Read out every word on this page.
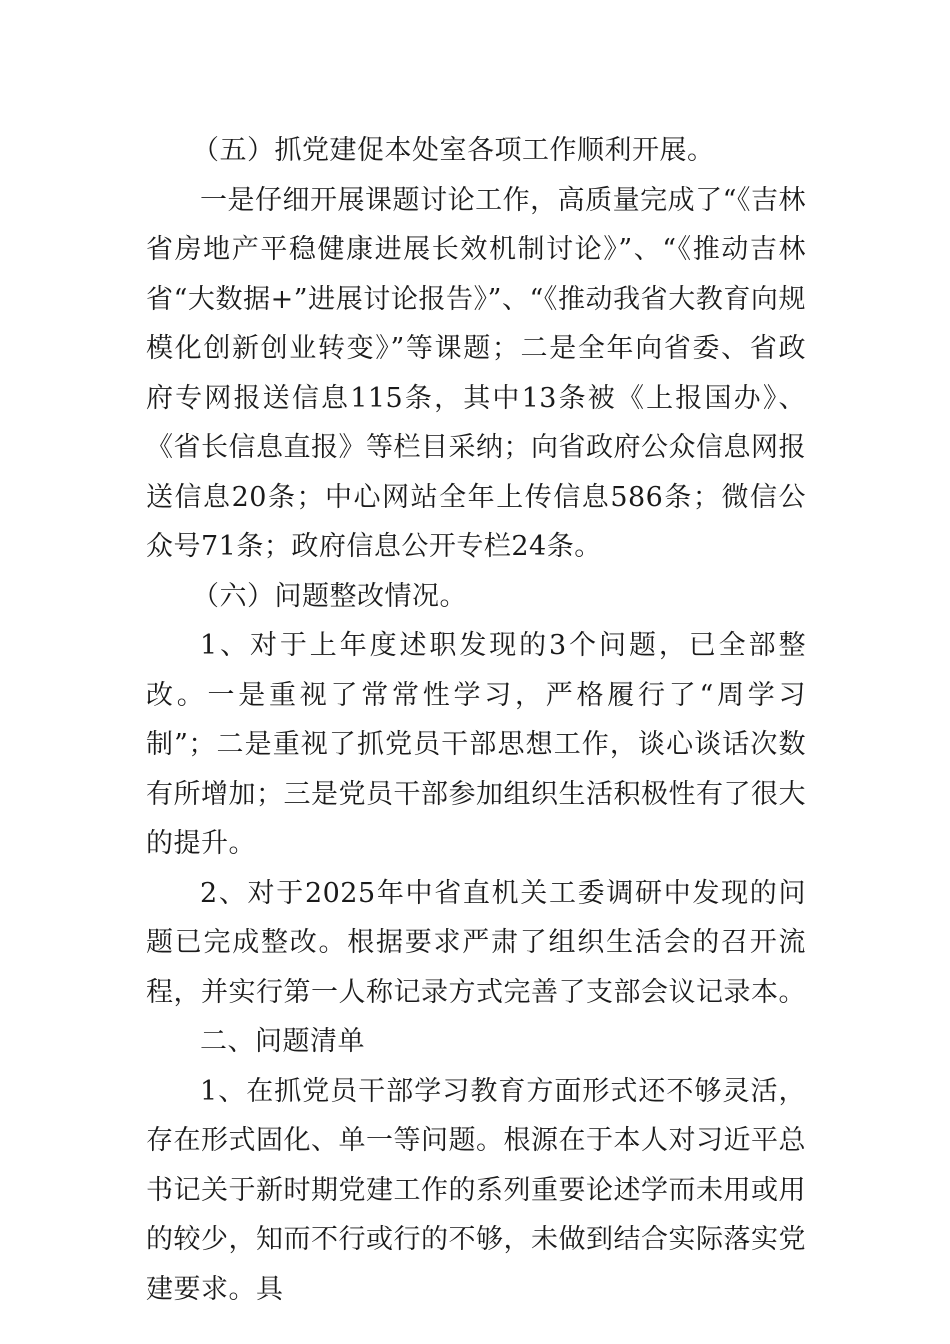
（五）抓党建促本处室各项工作顺利开展。

一是仔细开展课题讨论工作，高质量完成了“《吉林省房地产平稳健康进展长效机制讨论》”、“《推动吉林省“大数据+”进展讨论报告》”、“《推动我省大教育向规模化创新创业转变》”等课题；二是全年向省委、省政府专网报送信息115条，其中13条被《上报国办》、《省长信息直报》等栏目采纳；向省政府公众信息网报送信息20条；中心网站全年上传信息586条；微信公众号71条；政府信息公开专栏24条。

（六）问题整改情况。

1、对于上年度述职发现的3个问题，已全部整改。一是重视了常常性学习，严格履行了“周学习制”；二是重视了抓党员干部思想工作，谈心谈话次数有所增加；三是党员干部参加组织生活积极性有了很大的提升。

2、对于2025年中省直机关工委调研中发现的问题已完成整改。根据要求严肃了组织生活会的召开流程，并实行第一人称记录方式完善了支部会议记录本。

二、问题清单

1、在抓党员干部学习教育方面形式还不够灵活，存在形式固化、单一等问题。根源在于本人对习近平总书记关于新时期党建工作的系列重要论述学而未用或用的较少，知而不行或行的不够，未做到结合实际落实党建要求。具
